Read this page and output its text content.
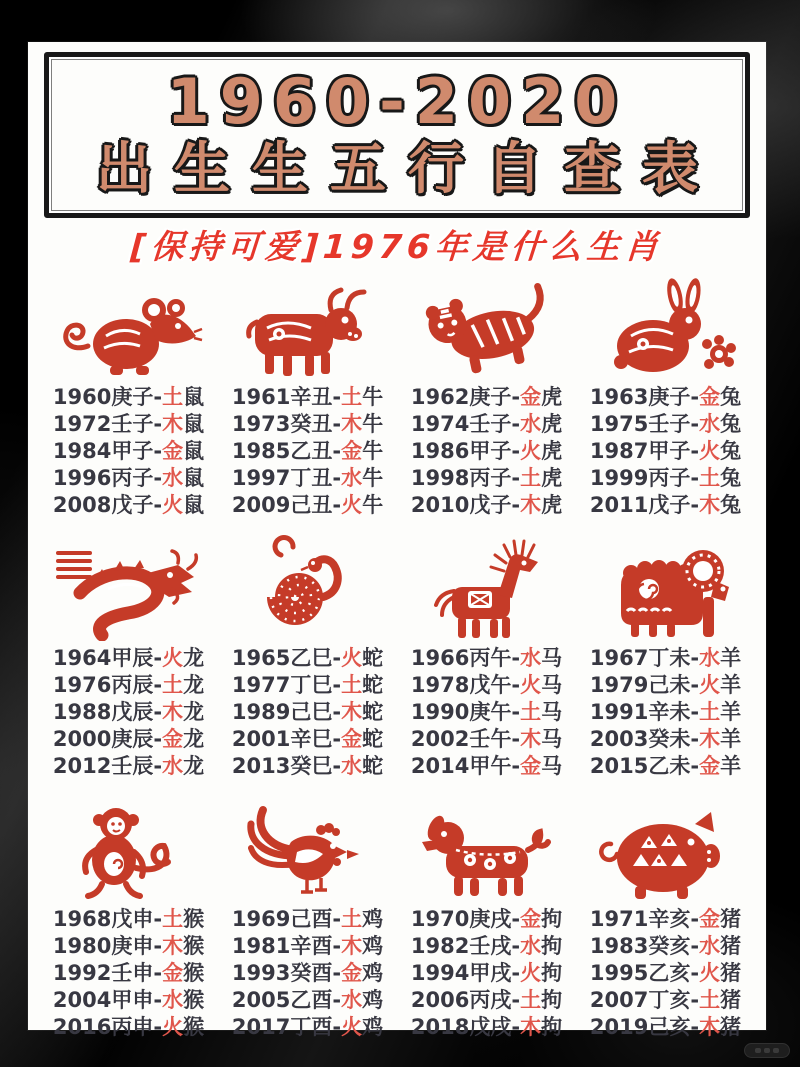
1960-2020
出生生五行自查表
[保持可爱]1976年是什么生肖

1960庚子-土鼠

1972壬子-木鼠

1984甲子-金鼠

1996丙子-水鼠

2008戊子-火鼠

1961辛丑-土牛

1973癸丑-木牛

1985乙丑-金牛

1997丁丑-水牛

2009己丑-火牛

1962庚子-金虎

1974壬子-水虎

1986甲子-火虎

1998丙子-土虎

2010戊子-木虎

1963庚子-金兔

1975壬子-水兔

1987甲子-火兔

1999丙子-土兔

2011戊子-木兔

1964甲辰-火龙

1976丙辰-土龙

1988戊辰-木龙

2000庚辰-金龙

2012壬辰-水龙

1965乙巳-火蛇

1977丁巳-土蛇

1989己巳-木蛇

2001辛巳-金蛇

2013癸巳-水蛇

1966丙午-水马

1978戊午-火马

1990庚午-土马

2002壬午-木马

2014甲午-金马

1967丁未-水羊

1979己未-火羊

1991辛未-土羊

2003癸未-木羊

2015乙未-金羊

1968戊申-土猴

1980庚申-木猴

1992壬申-金猴

2004甲申-水猴

2016丙申-火猴

1969己酉-土鸡

1981辛酉-木鸡

1993癸酉-金鸡

2005乙酉-水鸡

2017丁酉-火鸡

1970庚戌-金拘

1982壬戌-水拘

1994甲戌-火拘

2006丙戌-土拘

2018戊戌-木拘

1971辛亥-金猪

1983癸亥-水猪

1995乙亥-火猪

2007丁亥-土猪

2019己亥-木猪
